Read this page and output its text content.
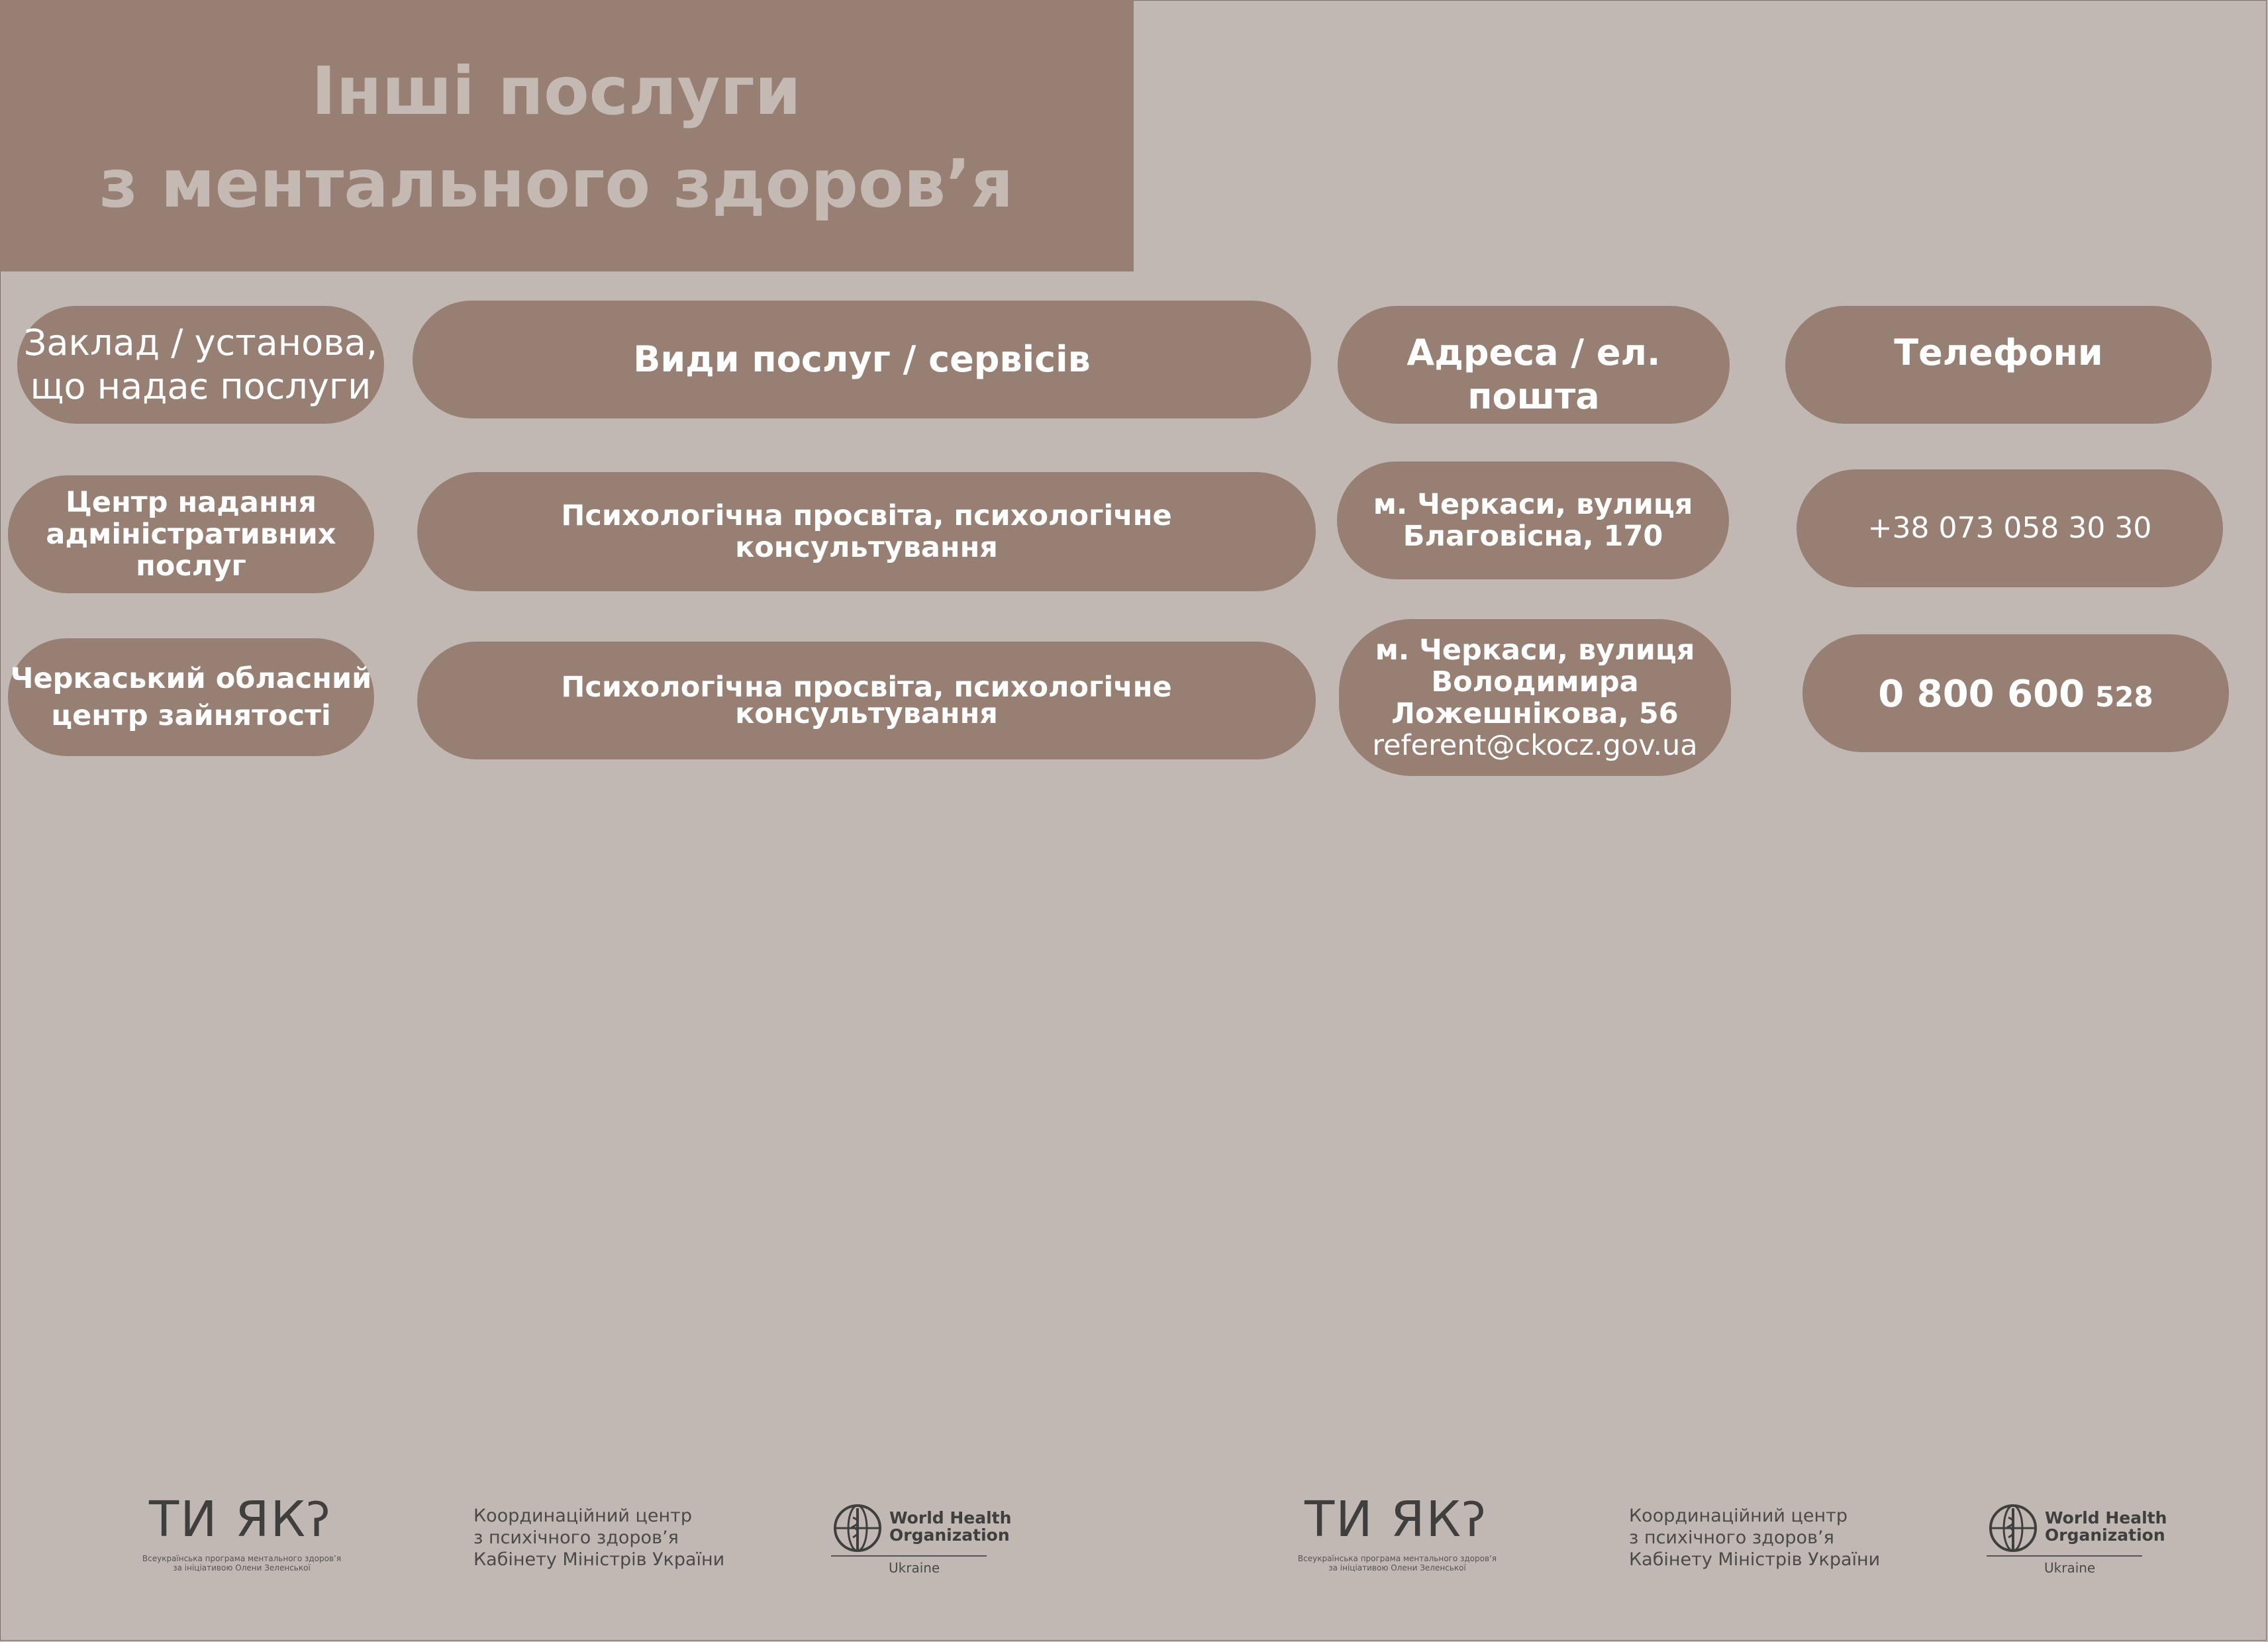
Інші послуги
з ментального здоров’я
Заклад / установа,
що надає послуги
Види послуг / сервісів	Адреса / ел. пошта
Телефони
Центр надання
адміністративних
послуг
Психологічна просвіта, психологічне
консультування
м. Черкаси, вулиця
Благовісна, 170	+38 073 058 30 30
Черкаський обласний
центр зайнятості
Психологічна просвіта, психологічне
консультування
м. Черкаси, вулиця
Володимира
Ложешнікова, 56
referent@ckocz.gov.ua
0 800 600 528
ТИ ЯКʔ
Всеукраїнська програма ментального здоров’я
за ініціативою Олени Зеленської
Координаційний центр
з психічного здоров’я
Кабінету Міністрів України
World Health
Organization
Ukraine
ТИ ЯКʔ
Всеукраїнська програма ментального здоров’я
за ініціативою Олени Зеленської
Координаційний центр
з психічного здоров’я
Кабінету Міністрів України
World Health
Organization
Ukraine
